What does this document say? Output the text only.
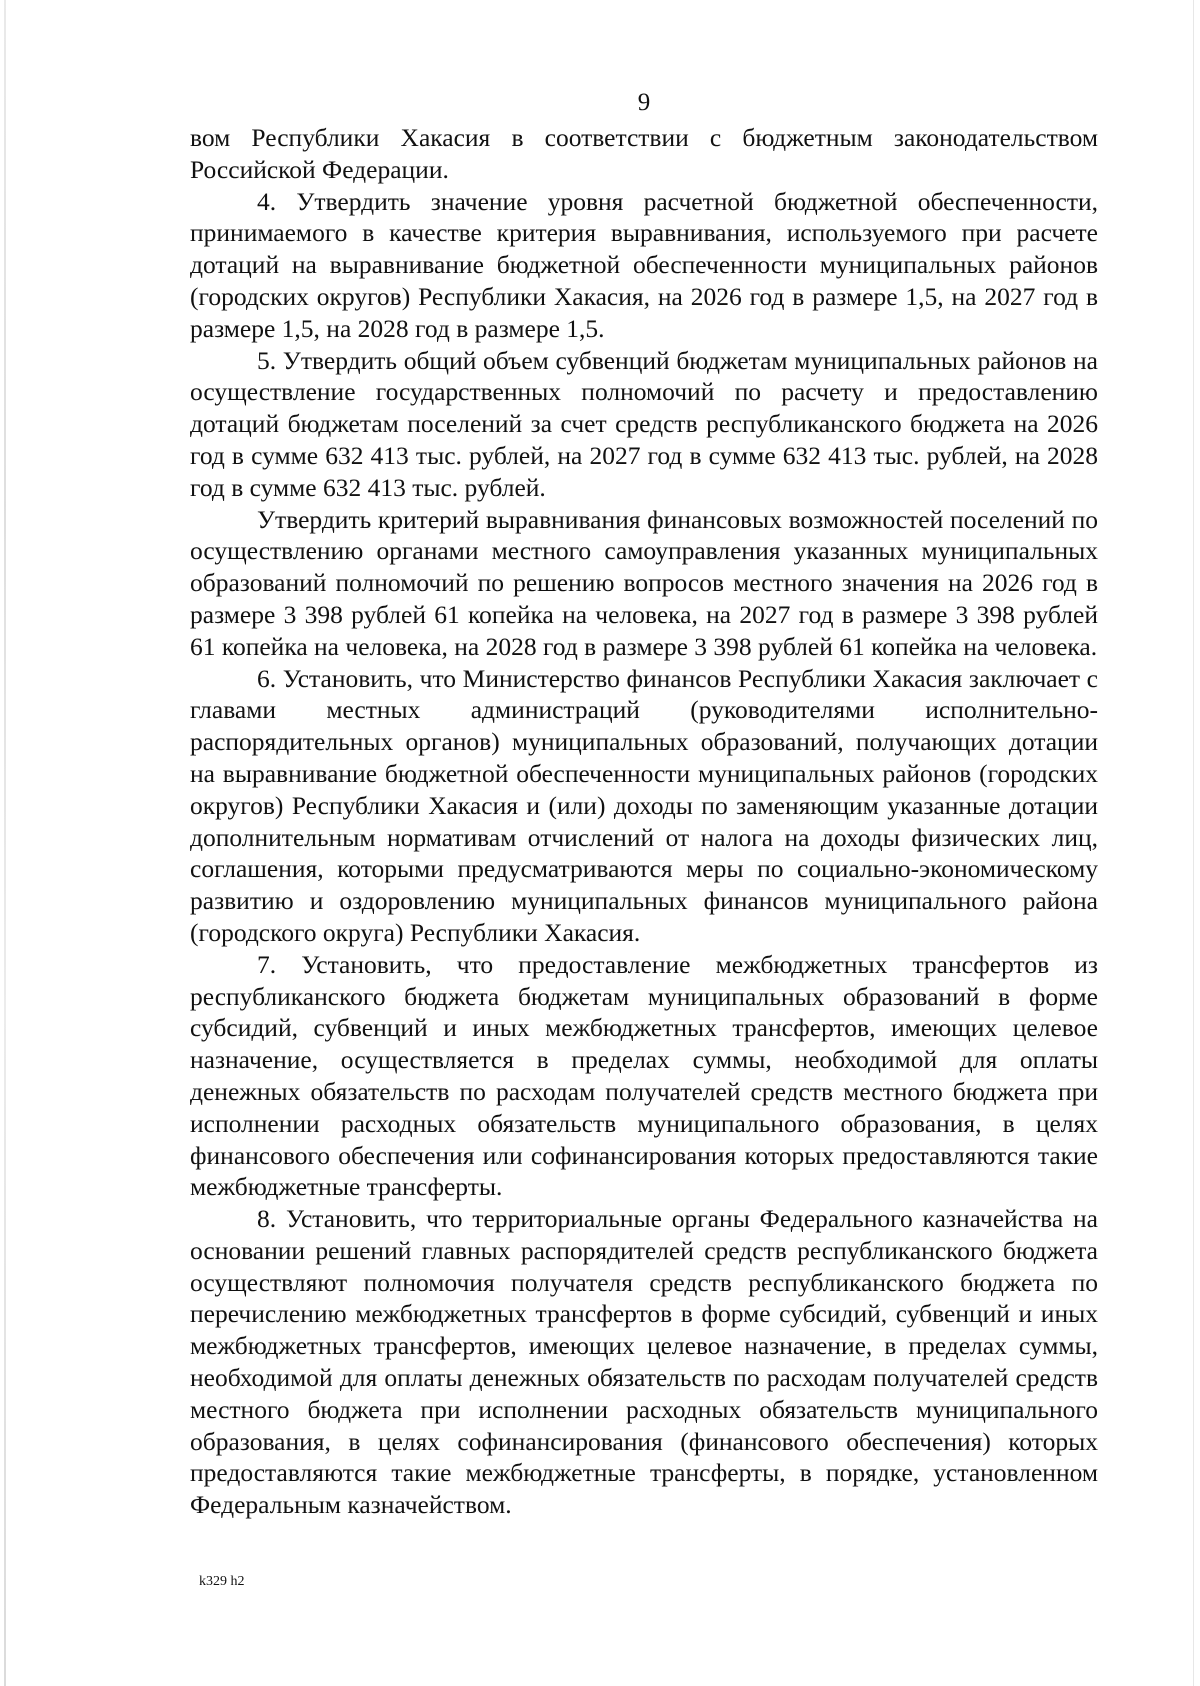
9

вом Республики Хакасия в соответствии с бюджетным законодательством Российской Федерации.

4. Утвердить значение уровня расчетной бюджетной обеспеченности, принимаемого в качестве критерия выравнивания, используемого при расчете дотаций на выравнивание бюджетной обеспеченности муниципальных районов (городских округов) Республики Хакасия, на 2026 год в размере 1,5, на 2027 год в размере 1,5, на 2028 год в размере 1,5.

5. Утвердить общий объем субвенций бюджетам муниципальных районов на осуществление государственных полномочий по расчету и предоставлению дотаций бюджетам поселений за счет средств республиканского бюджета на 2026 год в сумме 632 413 тыс. рублей, на 2027 год в сумме 632 413 тыс. рублей, на 2028 год в сумме 632 413 тыс. рублей.

Утвердить критерий выравнивания финансовых возможностей поселений по осуществлению органами местного самоуправления указанных муниципальных образований полномочий по решению вопросов местного значения на 2026 год в размере 3 398 рублей 61 копейка на человека, на 2027 год в размере 3 398 рублей 61 копейка на человека, на 2028 год в размере 3 398 рублей 61 копейка на человека.

6. Установить, что Министерство финансов Республики Хакасия заключает с главами местных администраций (руководителями исполнительно-распорядительных органов) муниципальных образований, получающих дотации на выравнивание бюджетной обеспеченности муниципальных районов (городских округов) Республики Хакасия и (или) доходы по заменяющим указанные дотации дополнительным нормативам отчислений от налога на доходы физических лиц, соглашения, которыми предусматриваются меры по социально-экономическому развитию и оздоровлению муниципальных финансов муниципального района (городского округа) Республики Хакасия.

7. Установить, что предоставление межбюджетных трансфертов из республиканского бюджета бюджетам муниципальных образований в форме субсидий, субвенций и иных межбюджетных трансфертов, имеющих целевое назначение, осуществляется в пределах суммы, необходимой для оплаты денежных обязательств по расходам получателей средств местного бюджета при исполнении расходных обязательств муниципального образования, в целях финансового обеспечения или софинансирования которых предоставляются такие межбюджетные трансферты.

8. Установить, что территориальные органы Федерального казначейства на основании решений главных распорядителей средств республиканского бюджета осуществляют полномочия получателя средств республиканского бюджета по перечислению межбюджетных трансфертов в форме субсидий, субвенций и иных межбюджетных трансфертов, имеющих целевое назначение, в пределах суммы, необходимой для оплаты денежных обязательств по расходам получателей средств местного бюджета при исполнении расходных обязательств муниципального образования, в целях софинансирования (финансового обеспечения) которых предоставляются такие межбюджетные трансферты, в порядке, установленном Федеральным казначейством.

k329 h2
